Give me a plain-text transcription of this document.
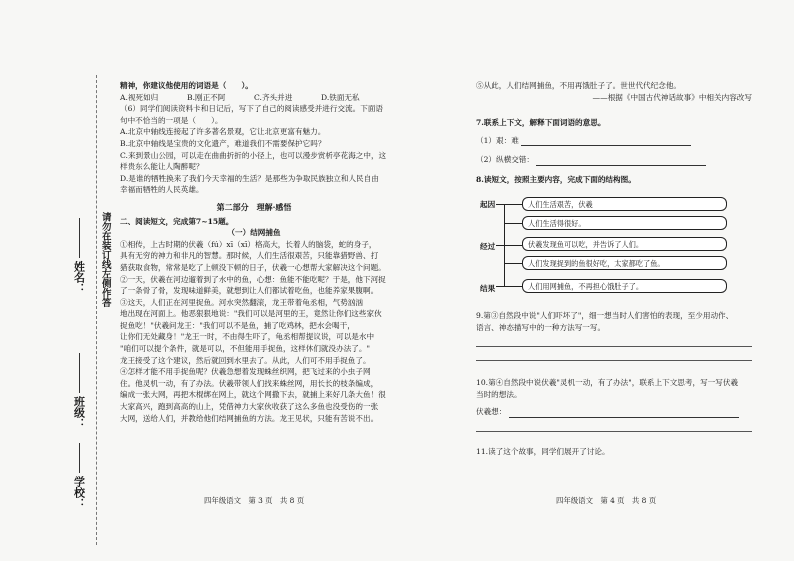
姓名：
班级：
学校：
请勿在装订线左侧作答
精神，你建议他使用的词语是（　　）。
A.视死如归	B.刚正不阿	C.齐头并进	D.铁面无私
（6）同学们阅读资料卡和日记后，写下了自己的阅读感受并进行交流。下面语
句中不恰当的一项是（　　）。
A.北京中轴线连接起了许多著名景观，它让北京更富有魅力。
B.北京中轴线是宝贵的文化遗产，难道我们不需要保护它吗？
C.来到景山公园，可以走在曲曲折折的小径上，也可以漫步赏析亭花海之中，这
样贵东么能让人陶醉呢？
D.是谁的牺牲换来了我们今天幸福的生活？是那些为争取民族独立和人民自由
幸福而牺牲的人民英雄。
第二部分　理解·感悟
二、阅读短文，完成第7~15题。
（一）结网捕鱼
①相传，上古时期的伏羲（fú）xī（xī）格高大，长着人的脑袋，蛇的身子，
具有无穷的神力和非凡的智慧。那时候，人们生活很艰苦，只能靠猎野兽、打
猎获取食物，常常是吃了上顿没下顿的日子，伏羲一心想帮大家解决这个问题。
②一天，伏羲在河边遛着到了水中的鱼，心想：鱼能不能吃呢？于是，他下河捉
了一条骨了骨，发现味道鲜美，就想到让人们都试着吃鱼，也能养家果腹啊。
③这天，人们正在河里捉鱼。河水突然翻滚，龙王带着龟丞相，气势汹汹
地出现在河面上。他恶狠狠地说："我们可以是河里的王，竟然让你们这些家伙
捉鱼吃！"伏羲问龙王："我们可以不是鱼，捕了吃鸡林，把水会喝干，
让你们无处藏身！"龙王一时，不由得生吓了，龟丞相帮提议说，可以是水中
"咱们可以提个条件，就是可以，不但能用手捉鱼，这样休们就没办法了。"
龙王接受了这个建议，然后就回到水里去了。从此，人们可不用手捉鱼了。
④怎样才能不用手捉鱼呢？伏羲急想着发现蛛丝织网，把飞过来的小虫子网
住。他灵机一动，有了办法。伏羲带领人们找来蛛丝网，用长长的枝条编成，
编成一张大网，再把木棍绑在网上，就这个网撒下去，就捕上来好几条大鱼！很
大家高兴，跑到高高的山上，凭借神力大家伙收获了这么多鱼也没受伤的一张
大网，送给人们，并教给他们结网捕鱼的方法。龙王见状，只能有苦说不出。
四年级语文　第 3 页　共 8 页
⑤从此，人们结网捕鱼，不用再饿肚子了。世世代代纪念他。
——根据《中国古代神话故事》中相关内容改写
7.联系上下文，解释下面词语的意思。
（1）艰：难
（2）纵横交错：
8.读短文，按照主要内容，完成下面的结构图。
起因
经过
结果
人们生活艰苦，伏羲
人们生活得很好。
伏羲发现鱼可以吃，并告诉了人们。
人们发现捉到的鱼很好吃，太家都吃了鱼。
人们用网捕鱼，不再担心饿肚子了。
9.第③自然段中说"人们吓坏了"，细一想当时人们害怕的表现，至少用动作、
语言、神态描写中的一种方法写一写。
10.第④自然段中说伏羲"灵机一动，有了办法"，联系上下文思考，写一写伏羲
当时的想法。
伏羲想：
11.读了这个故事，同学们展开了讨论。
四年级语文　第 4 页　共 8 页
